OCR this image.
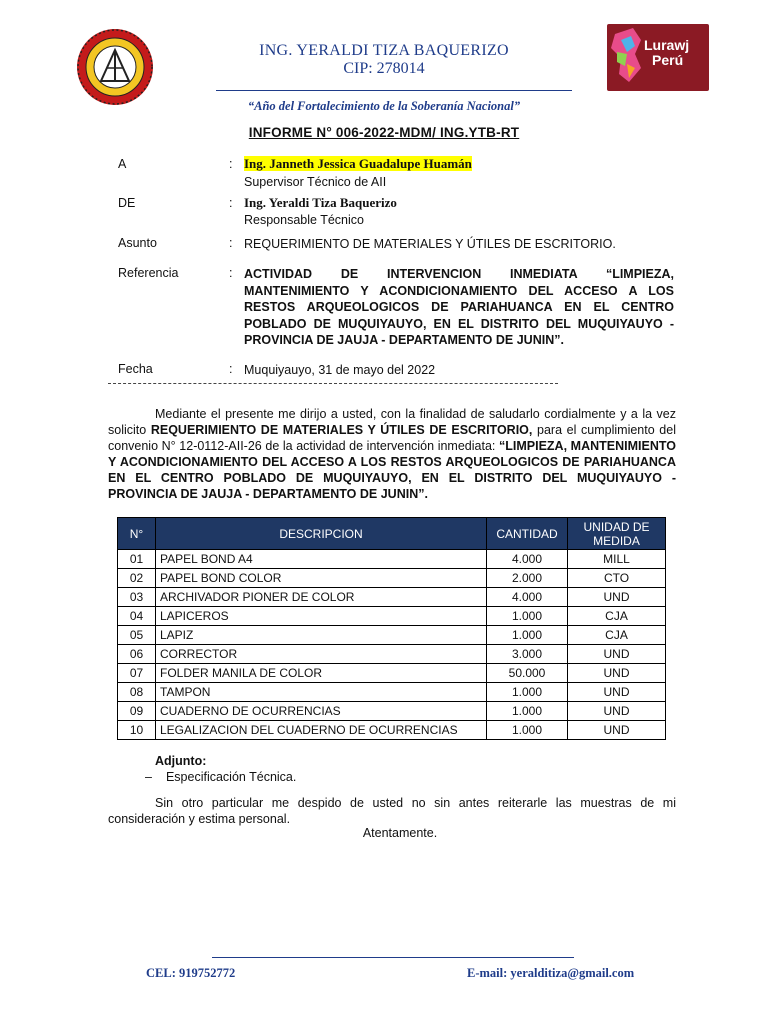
ING. YERALDI TIZA BAQUERIZO
CIP: 278014
“Año del Fortalecimiento de la Soberanía Nacional”
Lurawj
Perú
INFORME N° 006-2022-MDM/ ING.YTB-RT
A	: Ing. Janneth Jessica Guadalupe Huamán
Supervisor Técnico de AII
DE	: Ing. Yeraldi Tiza Baquerizo
Responsable Técnico
Asunto	: REQUERIMIENTO DE MATERIALES Y ÚTILES DE ESCRITORIO.
Referencia	: ACTIVIDAD DE INTERVENCION INMEDIATA “LIMPIEZA,
MANTENIMIENTO Y ACONDICIONAMIENTO DEL ACCESO A LOS
RESTOS ARQUEOLOGICOS DE PARIAHUANCA EN EL CENTRO
POBLADO DE MUQUIYAUYO, EN EL DISTRITO DEL MUQUIYAUYO -
PROVINCIA DE JAUJA - DEPARTAMENTO DE JUNIN”.
Fecha	: Muquiyauyo, 31 de mayo del 2022
Mediante el presente me dirijo a usted, con la finalidad de saludarlo cordialmente y a la vez solicito REQUERIMIENTO DE MATERIALES Y ÚTILES DE ESCRITORIO, para el cumplimiento del convenio N° 12-0112-AII-26 de la actividad de intervención inmediata: “LIMPIEZA, MANTENIMIENTO Y ACONDICIONAMIENTO DEL ACCESO A LOS RESTOS ARQUEOLOGICOS DE PARIAHUANCA EN EL CENTRO POBLADO DE MUQUIYAUYO, EN EL DISTRITO DEL MUQUIYAUYO - PROVINCIA DE JAUJA - DEPARTAMENTO DE JUNIN”.
N°	DESCRIPCION	CANTIDAD	UNIDAD DE MEDIDA
01	PAPEL BOND A4	4.000	MILL
02	PAPEL BOND COLOR	2.000	CTO
03	ARCHIVADOR PIONER DE COLOR	4.000	UND
04	LAPICEROS	1.000	CJA
05	LAPIZ	1.000	CJA
06	CORRECTOR	3.000	UND
07	FOLDER MANILA DE COLOR	50.000	UND
08	TAMPON	1.000	UND
09	CUADERNO DE OCURRENCIAS	1.000	UND
10	LEGALIZACION DEL CUADERNO DE OCURRENCIAS	1.000	UND
Adjunto:
– Especificación Técnica.
Sin otro particular me despido de usted no sin antes reiterarle las muestras de mi consideración y estima personal.
Atentamente.
CEL: 919752772	E-mail: yeralditiza@gmail.com
